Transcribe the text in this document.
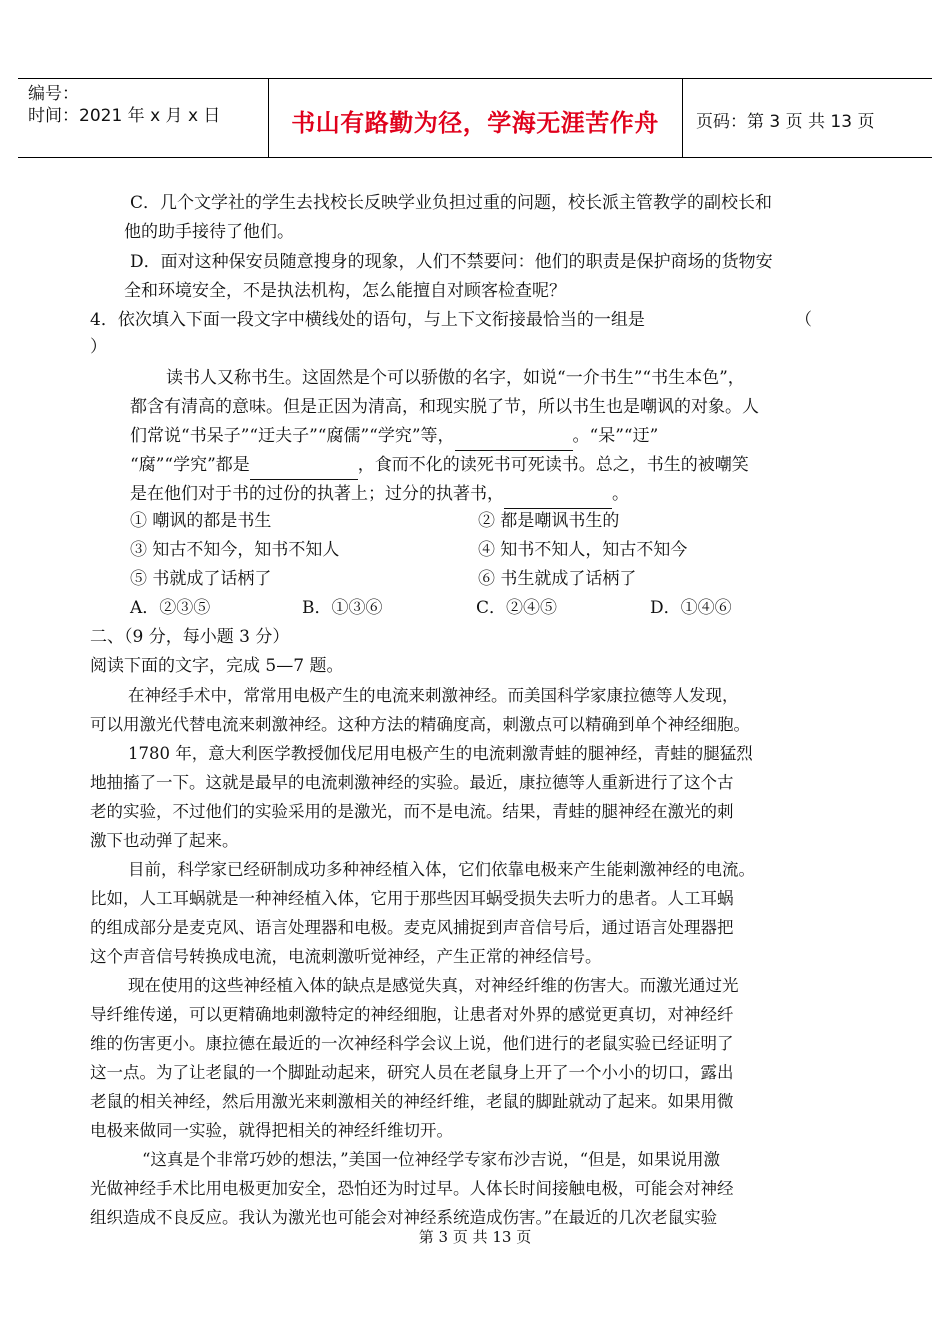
编号：
时间：2021 年 x 月 x 日	书山有路勤为径，学海无涯苦作舟	页码：第 3 页 共 13 页
C．几个文学社的学生去找校长反映学业负担过重的问题，校长派主管教学的副校长和
他的助手接待了他们。
D．面对这种保安员随意搜身的现象，人们不禁要问：他们的职责是保护商场的货物安
全和环境安全，不是执法机构，怎么能擅自对顾客检查呢？
4．依次填入下面一段文字中横线处的语句，与上下文衔接最恰当的一组是	（
）
读书人又称书生。这固然是个可以骄傲的名字，如说“一介书生”“书生本色”，
都含有清高的意味。但是正因为清高，和现实脱了节，所以书生也是嘲讽的对象。人
们常说“书呆子”“迂夫子”“腐儒”“学究”等，	。“呆”“迂”
“腐”“学究”都是	，食而不化的读死书可死读书。总之，书生的被嘲笑
是在他们对于书的过份的执著上；过分的执著书，	。
① 嘲讽的都是书生	② 都是嘲讽书生的
③ 知古不知今，知书不知人	④ 知书不知人，知古不知今
⑤ 书就成了话柄了	⑥ 书生就成了话柄了
A．②③⑤	B．①③⑥	C．②④⑤	D．①④⑥
二、（9 分，每小题 3 分）
阅读下面的文字，完成 5—7 题。
在神经手术中，常常用电极产生的电流来刺激神经。而美国科学家康拉德等人发现，
可以用激光代替电流来刺激神经。这种方法的精确度高，刺激点可以精确到单个神经细胞。
1780 年，意大利医学教授伽伐尼用电极产生的电流刺激青蛙的腿神经，青蛙的腿猛烈
地抽搐了一下。这就是最早的电流刺激神经的实验。最近，康拉德等人重新进行了这个古
老的实验，不过他们的实验采用的是激光，而不是电流。结果，青蛙的腿神经在激光的刺
激下也动弹了起来。
目前，科学家已经研制成功多种神经植入体，它们依靠电极来产生能刺激神经的电流。
比如，人工耳蜗就是一种神经植入体，它用于那些因耳蜗受损失去听力的患者。人工耳蜗
的组成部分是麦克风、语言处理器和电极。麦克风捕捉到声音信号后，通过语言处理器把
这个声音信号转换成电流，电流刺激听觉神经，产生正常的神经信号。
现在使用的这些神经植入体的缺点是感觉失真，对神经纤维的伤害大。而激光通过光
导纤维传递，可以更精确地刺激特定的神经细胞，让患者对外界的感觉更真切，对神经纤
维的伤害更小。康拉德在最近的一次神经科学会议上说，他们进行的老鼠实验已经证明了
这一点。为了让老鼠的一个脚趾动起来，研究人员在老鼠身上开了一个小小的切口，露出
老鼠的相关神经，然后用激光来刺激相关的神经纤维，老鼠的脚趾就动了起来。如果用微
电极来做同一实验，就得把相关的神经纤维切开。
“这真是个非常巧妙的想法，”美国一位神经学专家布沙吉说，“但是，如果说用激
光做神经手术比用电极更加安全，恐怕还为时过早。人体长时间接触电极，可能会对神经
组织造成不良反应。我认为激光也可能会对神经系统造成伤害。”在最近的几次老鼠实验
第 3 页 共 13 页
